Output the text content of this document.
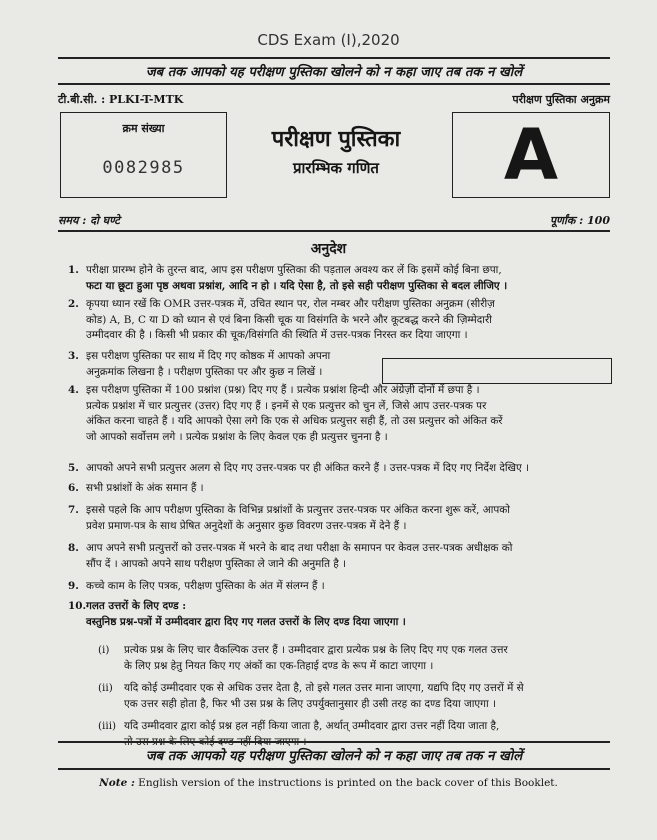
CDS Exam (I),2020
जब तक आपको यह परीक्षण पुस्तिका खोलने को न कहा जाए तब तक न खोलें
टी.बी.सी. : PLKI-T-MTK	परीक्षण पुस्तिका अनुक्रम
क्रम संख्या
0082985
परीक्षण पुस्तिका
प्रारम्भिक गणित	A
समय : दो घण्टे	पूर्णांक : 100
अनुदेश
1. परीक्षा प्रारम्भ होने के तुरन्त बाद, आप इस परीक्षण पुस्तिका की पड़ताल अवश्य कर लें कि इसमें कोई बिना छपा,
फटा या छूटा हुआ पृष्ठ अथवा प्रश्नांश, आदि न हो । यदि ऐसा है, तो इसे सही परीक्षण पुस्तिका से बदल लीजिए ।
2. कृपया ध्यान रखें कि OMR उत्तर-पत्रक में, उचित स्थान पर, रोल नम्बर और परीक्षण पुस्तिका अनुक्रम (सीरीज़
कोड) A, B, C या D को ध्यान से एवं बिना किसी चूक या विसंगति के भरने और कूटबद्ध करने की ज़िम्मेदारी
उम्मीदवार की है । किसी भी प्रकार की चूक/विसंगति की स्थिति में उत्तर-पत्रक निरस्त कर दिया जाएगा ।
3. इस परीक्षण पुस्तिका पर साथ में दिए गए कोष्ठक में आपको अपना
अनुक्रमांक लिखना है । परीक्षण पुस्तिका पर और कुछ न लिखें ।
4. इस परीक्षण पुस्तिका में 100 प्रश्नांश (प्रश्न) दिए गए हैं । प्रत्येक प्रश्नांश हिन्दी और अंग्रेज़ी दोनों में छपा है ।
प्रत्येक प्रश्नांश में चार प्रत्युत्तर (उत्तर) दिए गए हैं । इनमें से एक प्रत्युत्तर को चुन लें, जिसे आप उत्तर-पत्रक पर
अंकित करना चाहते हैं । यदि आपको ऐसा लगे कि एक से अधिक प्रत्युत्तर सही हैं, तो उस प्रत्युत्तर को अंकित करें
जो आपको सर्वोत्तम लगे । प्रत्येक प्रश्नांश के लिए केवल एक ही प्रत्युत्तर चुनना है ।
5. आपको अपने सभी प्रत्युत्तर अलग से दिए गए उत्तर-पत्रक पर ही अंकित करने हैं । उत्तर-पत्रक में दिए गए निर्देश देखिए ।
6. सभी प्रश्नांशों के अंक समान हैं ।
7. इससे पहले कि आप परीक्षण पुस्तिका के विभिन्न प्रश्नांशों के प्रत्युत्तर उत्तर-पत्रक पर अंकित करना शुरू करें, आपको
प्रवेश प्रमाण-पत्र के साथ प्रेषित अनुदेशों के अनुसार कुछ विवरण उत्तर-पत्रक में देने हैं ।
8. आप अपने सभी प्रत्युत्तरों को उत्तर-पत्रक में भरने के बाद तथा परीक्षा के समापन पर केवल उत्तर-पत्रक अधीक्षक को
सौंप दें । आपको अपने साथ परीक्षण पुस्तिका ले जाने की अनुमति है ।
9. कच्चे काम के लिए पत्रक, परीक्षण पुस्तिका के अंत में संलग्न हैं ।
10. गलत उत्तरों के लिए दण्ड :
वस्तुनिष्ठ प्रश्न-पत्रों में उम्मीदवार द्वारा दिए गए गलत उत्तरों के लिए दण्ड दिया जाएगा ।
(i) प्रत्येक प्रश्न के लिए चार वैकल्पिक उत्तर हैं । उम्मीदवार द्वारा प्रत्येक प्रश्न के लिए दिए गए एक गलत उत्तर
के लिए प्रश्न हेतु नियत किए गए अंकों का एक-तिहाई दण्ड के रूप में काटा जाएगा ।
(ii) यदि कोई उम्मीदवार एक से अधिक उत्तर देता है, तो इसे गलत उत्तर माना जाएगा, यद्यपि दिए गए उत्तरों में से
एक उत्तर सही होता है, फिर भी उस प्रश्न के लिए उपर्युक्तानुसार ही उसी तरह का दण्ड दिया जाएगा ।
(iii) यदि उम्मीदवार द्वारा कोई प्रश्न हल नहीं किया जाता है, अर्थात् उम्मीदवार द्वारा उत्तर नहीं दिया जाता है,
तो उस प्रश्न के लिए कोई दण्ड नहीं दिया जाएगा ।
जब तक आपको यह परीक्षण पुस्तिका खोलने को न कहा जाए तब तक न खोलें
Note : English version of the instructions is printed on the back cover of this Booklet.
